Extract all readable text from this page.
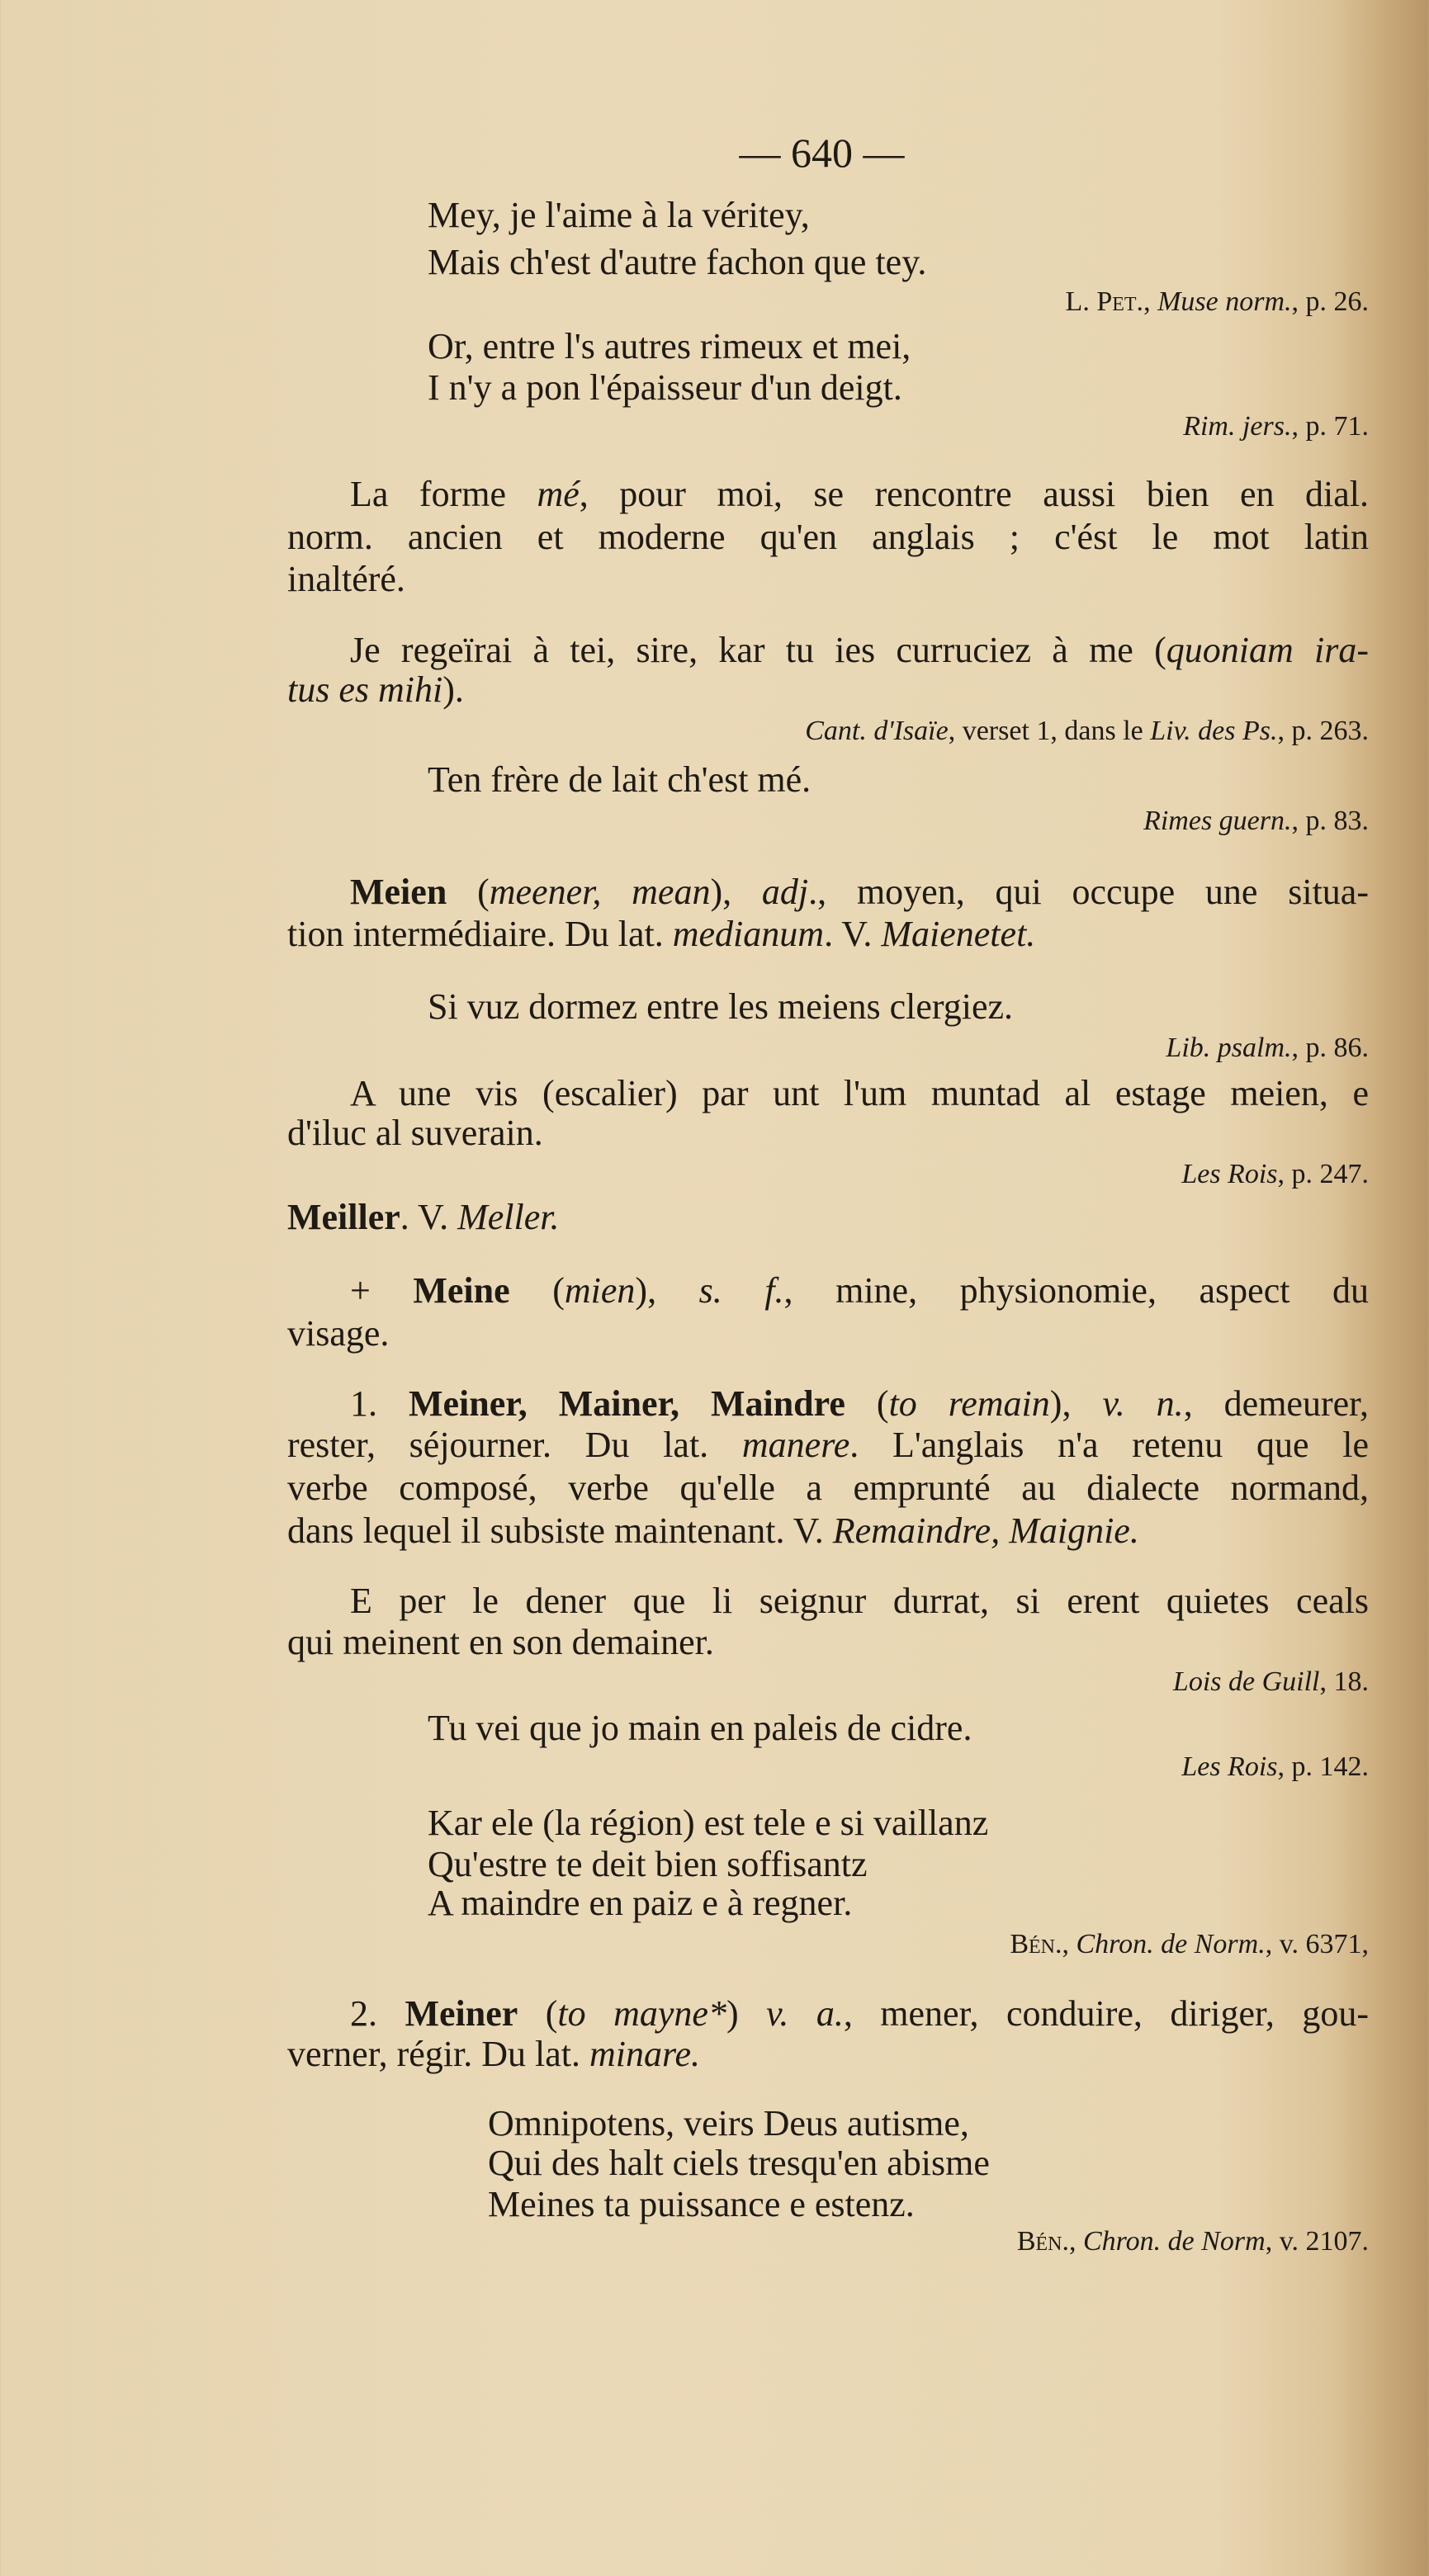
— 640 —
Mey, je l'aime à la véritey,
Mais ch'est d'autre fachon que tey.
L. Pet., Muse norm., p. 26.
Or, entre l's autres rimeux et mei,
I n'y a pon l'épaisseur d'un deigt.
Rim. jers., p. 71.
La forme mé, pour moi, se rencontre aussi bien en dial.
norm. ancien et moderne qu'en anglais ; c'ést le mot latin
inaltéré.
Je regeïrai à tei, sire, kar tu ies curruciez à me (quoniam ira-
tus es mihi).
Cant. d'Isaïe, verset 1, dans le Liv. des Ps., p. 263.
Ten frère de lait ch'est mé.
Rimes guern., p. 83.
Meien (meener, mean), adj., moyen, qui occupe une situa-
tion intermédiaire. Du lat. medianum. V. Maienetet.
Si vuz dormez entre les meiens clergiez.
Lib. psalm., p. 86.
A une vis (escalier) par unt l'um muntad al estage meien, e
d'iluc al suverain.
Les Rois, p. 247.
Meiller. V. Meller.
+ Meine (mien), s. f., mine, physionomie, aspect du
visage.
1. Meiner, Mainer, Maindre (to remain), v. n., demeurer,
rester, séjourner. Du lat. manere. L'anglais n'a retenu que le
verbe composé, verbe qu'elle a emprunté au dialecte normand,
dans lequel il subsiste maintenant. V. Remaindre, Maignie.
E per le dener que li seignur durrat, si erent quietes ceals
qui meinent en son demainer.
Lois de Guill, 18.
Tu vei que jo main en paleis de cidre.
Les Rois, p. 142.
Kar ele (la région) est tele e si vaillanz
Qu'estre te deit bien soffisantz
A maindre en paiz e à regner.
Bén., Chron. de Norm., v. 6371,
2. Meiner (to mayne*) v. a., mener, conduire, diriger, gou-
verner, régir. Du lat. minare.
Omnipotens, veirs Deus autisme,
Qui des halt ciels tresqu'en abisme
Meines ta puissance e estenz.
Bén., Chron. de Norm, v. 2107.
